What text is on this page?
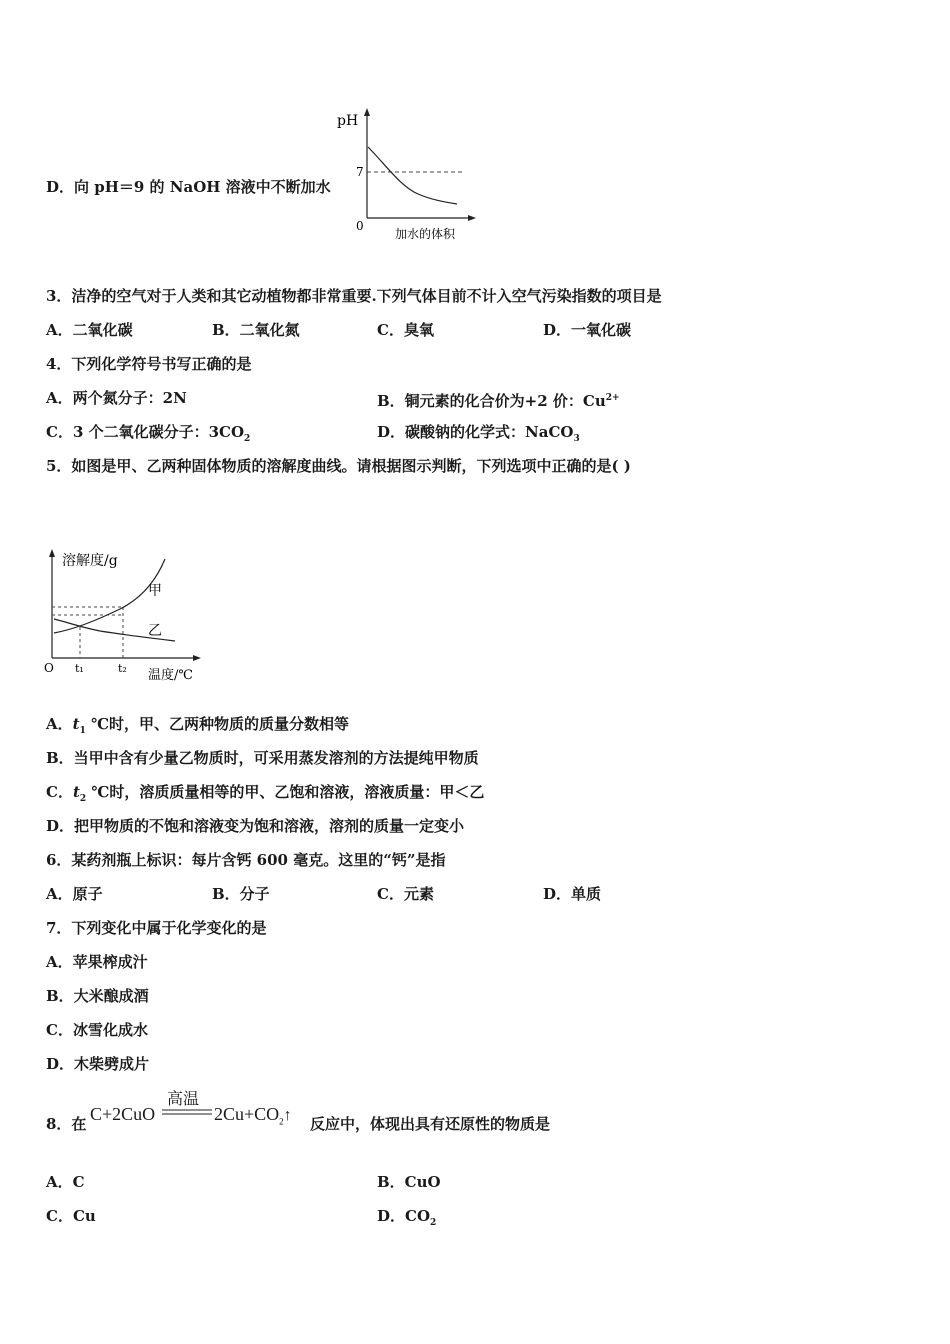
D．向 pH＝9 的 NaOH 溶液中不断加水
pH
7
0
加水的体积
3．洁净的空气对于人类和其它动植物都非常重要.下列气体目前不计入空气污染指数的项目是
A．二氧化碳	B．二氧化氮	C．臭氧	D．一氧化碳
4．下列化学符号书写正确的是
A．两个氮分子：2N	B．铜元素的化合价为+2 价：$Cu^{2+}$
C．3 个二氧化碳分子：$3CO_2$	D．碳酸钠的化学式：NaCO$_3$
5．如图是甲、乙两种固体物质的溶解度曲线。请根据图示判断，下列选项中正确的是( )
溶解度/g
甲
乙
O t₁	t₂ 温度/℃
A．$t_1$ ℃时，甲、乙两种物质的质量分数相等
B．当甲中含有少量乙物质时，可采用蒸发溶剂的方法提纯甲物质
C．$t_2$ ℃时，溶质质量相等的甲、乙饱和溶液，溶液质量：甲＜乙
D．把甲物质的不饱和溶液变为饱和溶液，溶剂的质量一定变小
6．某药剂瓶上标识：每片含钙 600 毫克。这里的“钙”是指
A．原子	B．分子	C．元素	D．单质
7．下列变化中属于化学变化的是
A．苹果榨成汁
B．大米酿成酒
C．冰雪化成水
D．木柴劈成片
8．在 C+2CuO
高温
$2Cu+CO_2↑$ 反应中，体现出具有还原性的物质是
A．C	B．CuO
C．Cu	D．$CO_2$
